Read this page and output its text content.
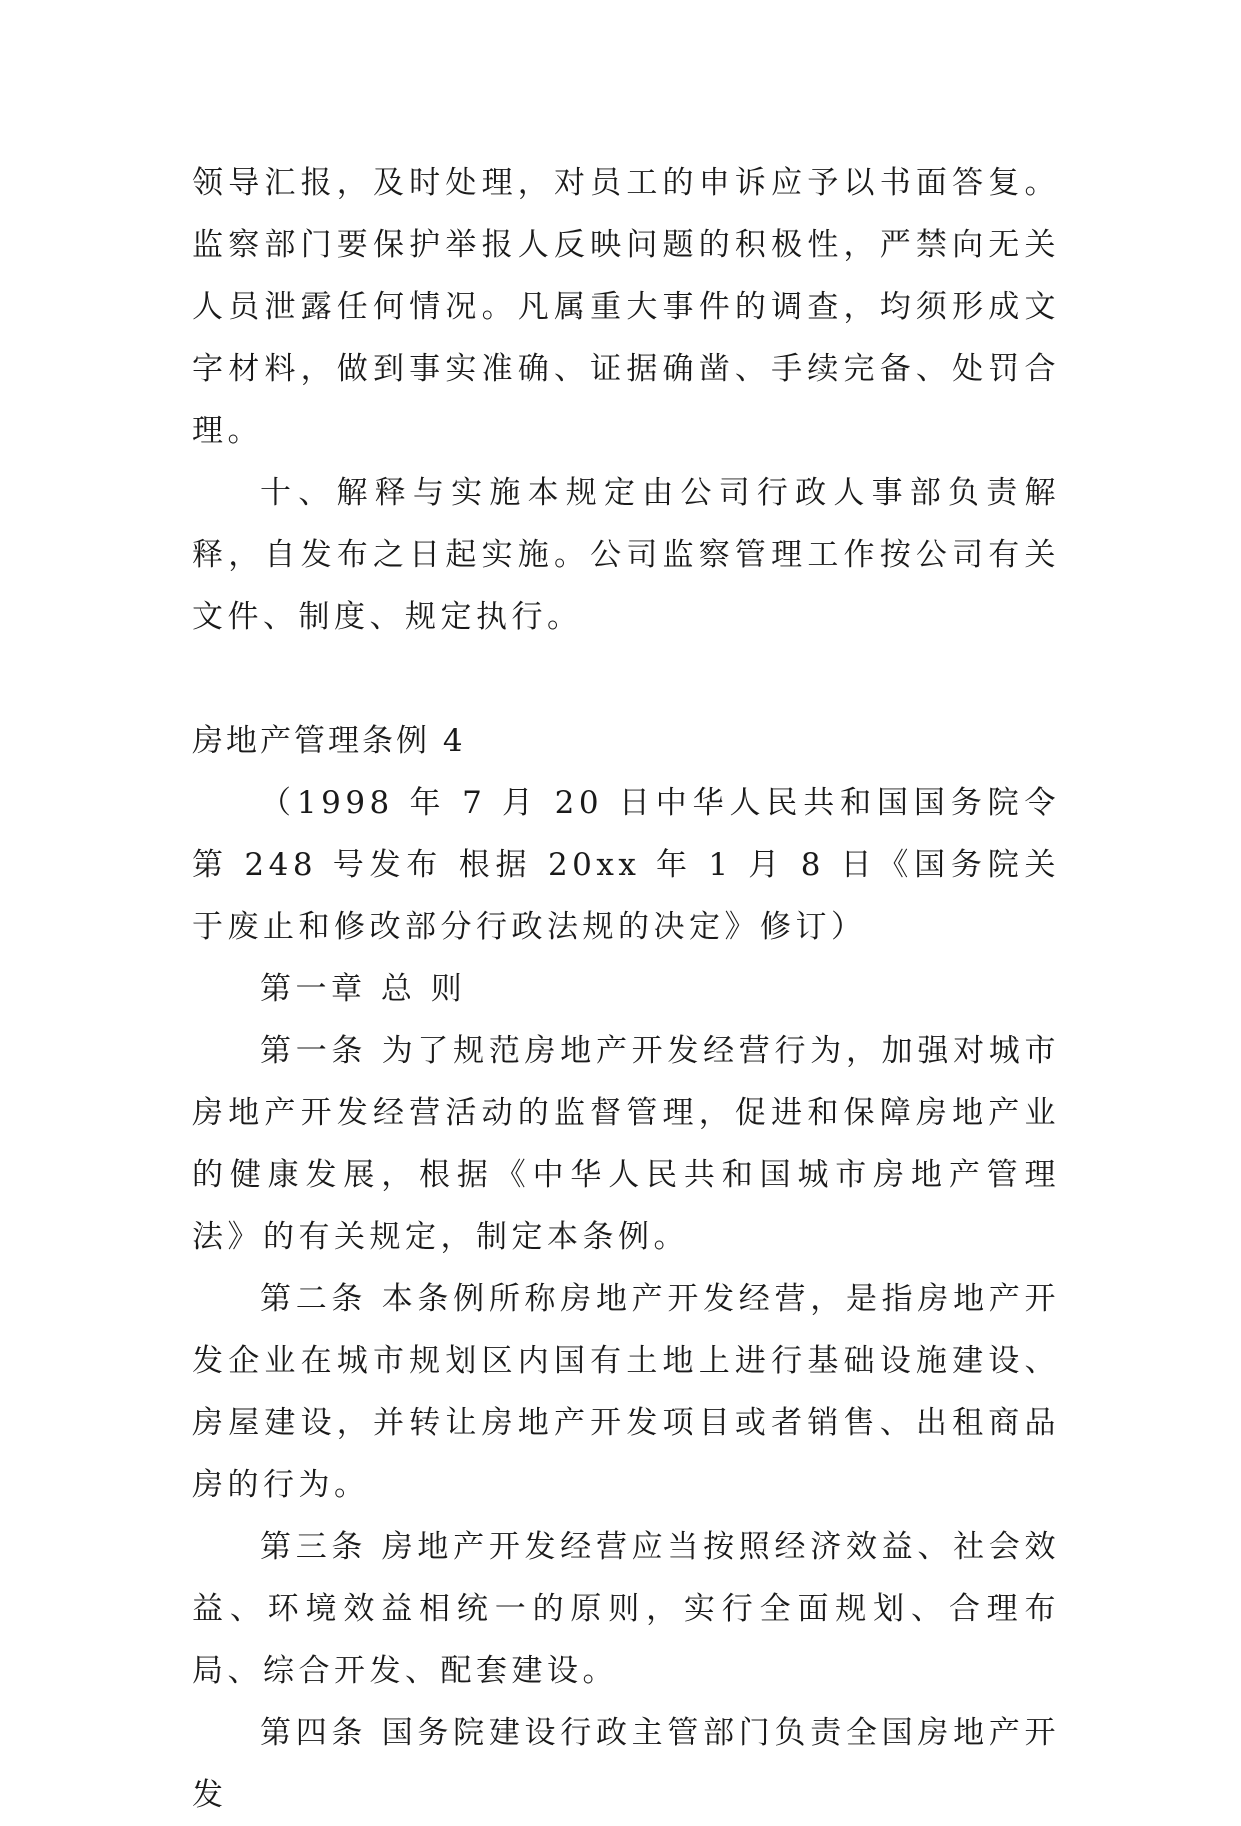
领导汇报，及时处理，对员工的申诉应予以书面答复。监察部门要保护举报人反映问题的积极性，严禁向无关人员泄露任何情况。凡属重大事件的调查，均须形成文字材料，做到事实准确、证据确凿、手续完备、处罚合理。

十、解释与实施本规定由公司行政人事部负责解释，自发布之日起实施。公司监察管理工作按公司有关文件、制度、规定执行。

房地产管理条例 4

（1998 年 7 月 20 日中华人民共和国国务院令第 248 号发布 根据 20xx 年 1 月 8 日《国务院关于废止和修改部分行政法规的决定》修订）

第一章 总 则

第一条 为了规范房地产开发经营行为，加强对城市房地产开发经营活动的监督管理，促进和保障房地产业的健康发展，根据《中华人民共和国城市房地产管理法》的有关规定，制定本条例。

第二条 本条例所称房地产开发经营，是指房地产开发企业在城市规划区内国有土地上进行基础设施建设、房屋建设，并转让房地产开发项目或者销售、出租商品房的行为。

第三条 房地产开发经营应当按照经济效益、社会效益、环境效益相统一的原则，实行全面规划、合理布局、综合开发、配套建设。

第四条 国务院建设行政主管部门负责全国房地产开发
